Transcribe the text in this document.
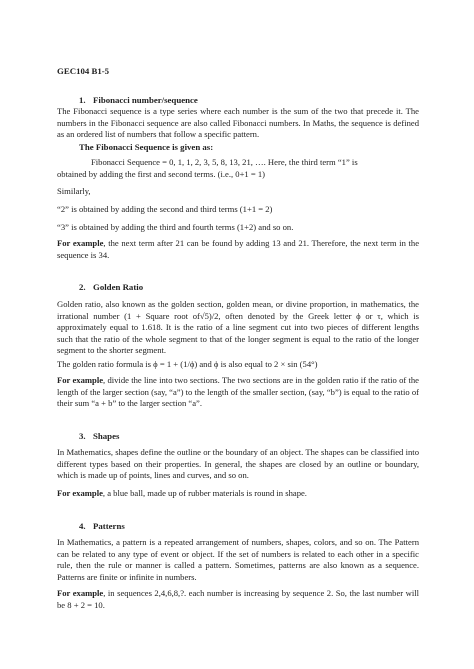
GEC104 B1-5
1. Fibonacci number/sequence

The Fibonacci sequence is a type series where each number is the sum of the two that precede it. The numbers in the Fibonacci sequence are also called Fibonacci numbers. In Maths, the sequence is defined as an ordered list of numbers that follow a specific pattern.

The Fibonacci Sequence is given as:
Fibonacci Sequence = 0, 1, 1, 2, 3, 5, 8, 13, 21, …. Here, the third term “1” is

obtained by adding the first and second terms. (i.e., 0+1 = 1)

Similarly,

“2” is obtained by adding the second and third terms (1+1 = 2)

“3” is obtained by adding the third and fourth terms (1+2) and so on.

For example, the next term after 21 can be found by adding 13 and 21. Therefore, the next term in the sequence is 34.

2. Golden Ratio

Golden ratio, also known as the golden section, golden mean, or divine proportion, in mathematics, the irrational number (1 + Square root of√5)/2, often denoted by the Greek letter ϕ or τ, which is approximately equal to 1.618. It is the ratio of a line segment cut into two pieces of different lengths such that the ratio of the whole segment to that of the longer segment is equal to the ratio of the longer segment to the shorter segment.

The golden ratio formula is ϕ = 1 + (1/ϕ) and ϕ is also equal to 2 × sin (54°)

For example, divide the line into two sections. The two sections are in the golden ratio if the ratio of the length of the larger section (say, “a”) to the length of the smaller section, (say, “b”) is equal to the ratio of their sum “a + b” to the larger section “a”.

3. Shapes

In Mathematics, shapes define the outline or the boundary of an object. The shapes can be classified into different types based on their properties. In general, the shapes are closed by an outline or boundary, which is made up of points, lines and curves, and so on.

For example, a blue ball, made up of rubber materials is round in shape.

4. Patterns

In Mathematics, a pattern is a repeated arrangement of numbers, shapes, colors, and so on. The Pattern can be related to any type of event or object. If the set of numbers is related to each other in a specific rule, then the rule or manner is called a pattern. Sometimes, patterns are also known as a sequence. Patterns are finite or infinite in numbers.

For example, in sequences 2,4,6,8,?. each number is increasing by sequence 2. So, the last number will be 8 + 2 = 10.
